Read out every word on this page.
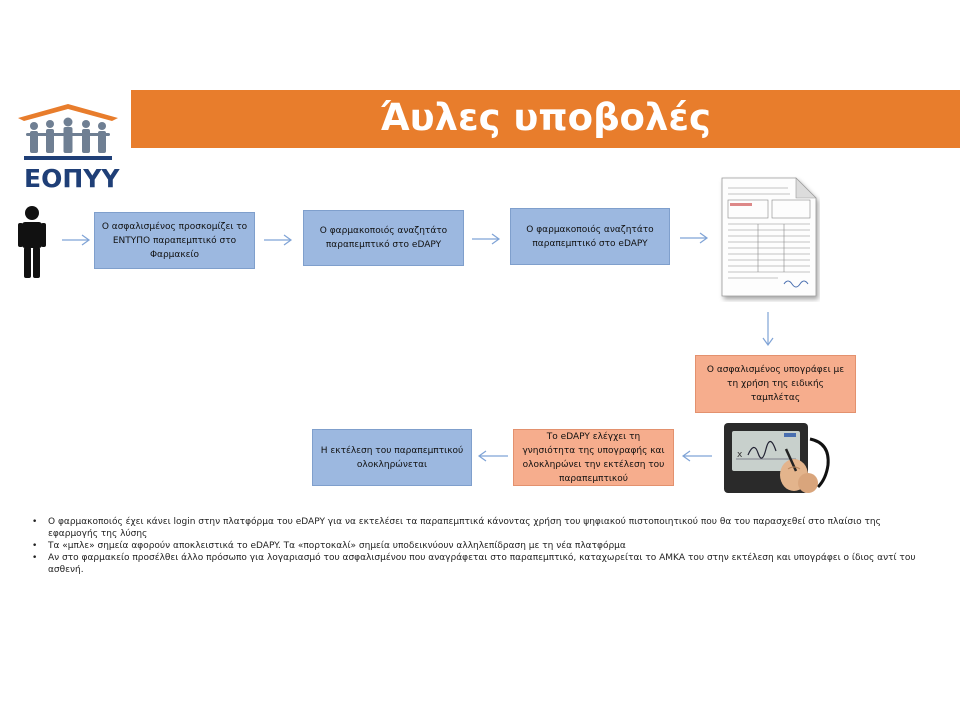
ΕΟΠΥΥ
Άυλες υποβολές
Ο ασφαλισμένος προσκομίζει το ΕΝΤΥΠΟ παραπεμπτικό στο Φαρμακείο
Ο φαρμακοποιός αναζητάτο παραπεμπτικό στο eDAPY
Ο φαρμακοποιός αναζητάτο παραπεμπτικό στο eDAPY
Ο ασφαλισμένος υπογράφει με τη χρήση της ειδικής ταμπλέτας
Το eDAPY ελέγχει τη γνησιότητα της υπογραφής και ολοκληρώνει την εκτέλεση του παραπεμπτικού
Η εκτέλεση του παραπεμπτικού ολοκληρώνεται
x
• Ο φαρμακοποιός έχει κάνει login στην πλατφόρμα του eDAPY για να εκτελέσει τα παραπεμπτικά κάνοντας χρήση του ψηφιακού πιστοποιητικού που θα του παρασχεθεί στο πλαίσιο της εφαρμογής της λύσης
• Τα «μπλε» σημεία αφορούν αποκλειστικά το eDAPY. Τα «πορτοκαλί» σημεία υποδεικνύουν αλληλεπίδραση με τη νέα πλατφόρμα
• Αν στο φαρμακείο προσέλθει άλλο πρόσωπο για λογαριασμό του ασφαλισμένου που αναγράφεται στο παραπεμπτικό, καταχωρείται το ΑΜΚΑ του στην εκτέλεση και υπογράφει ο ίδιος αντί του ασθενή.
